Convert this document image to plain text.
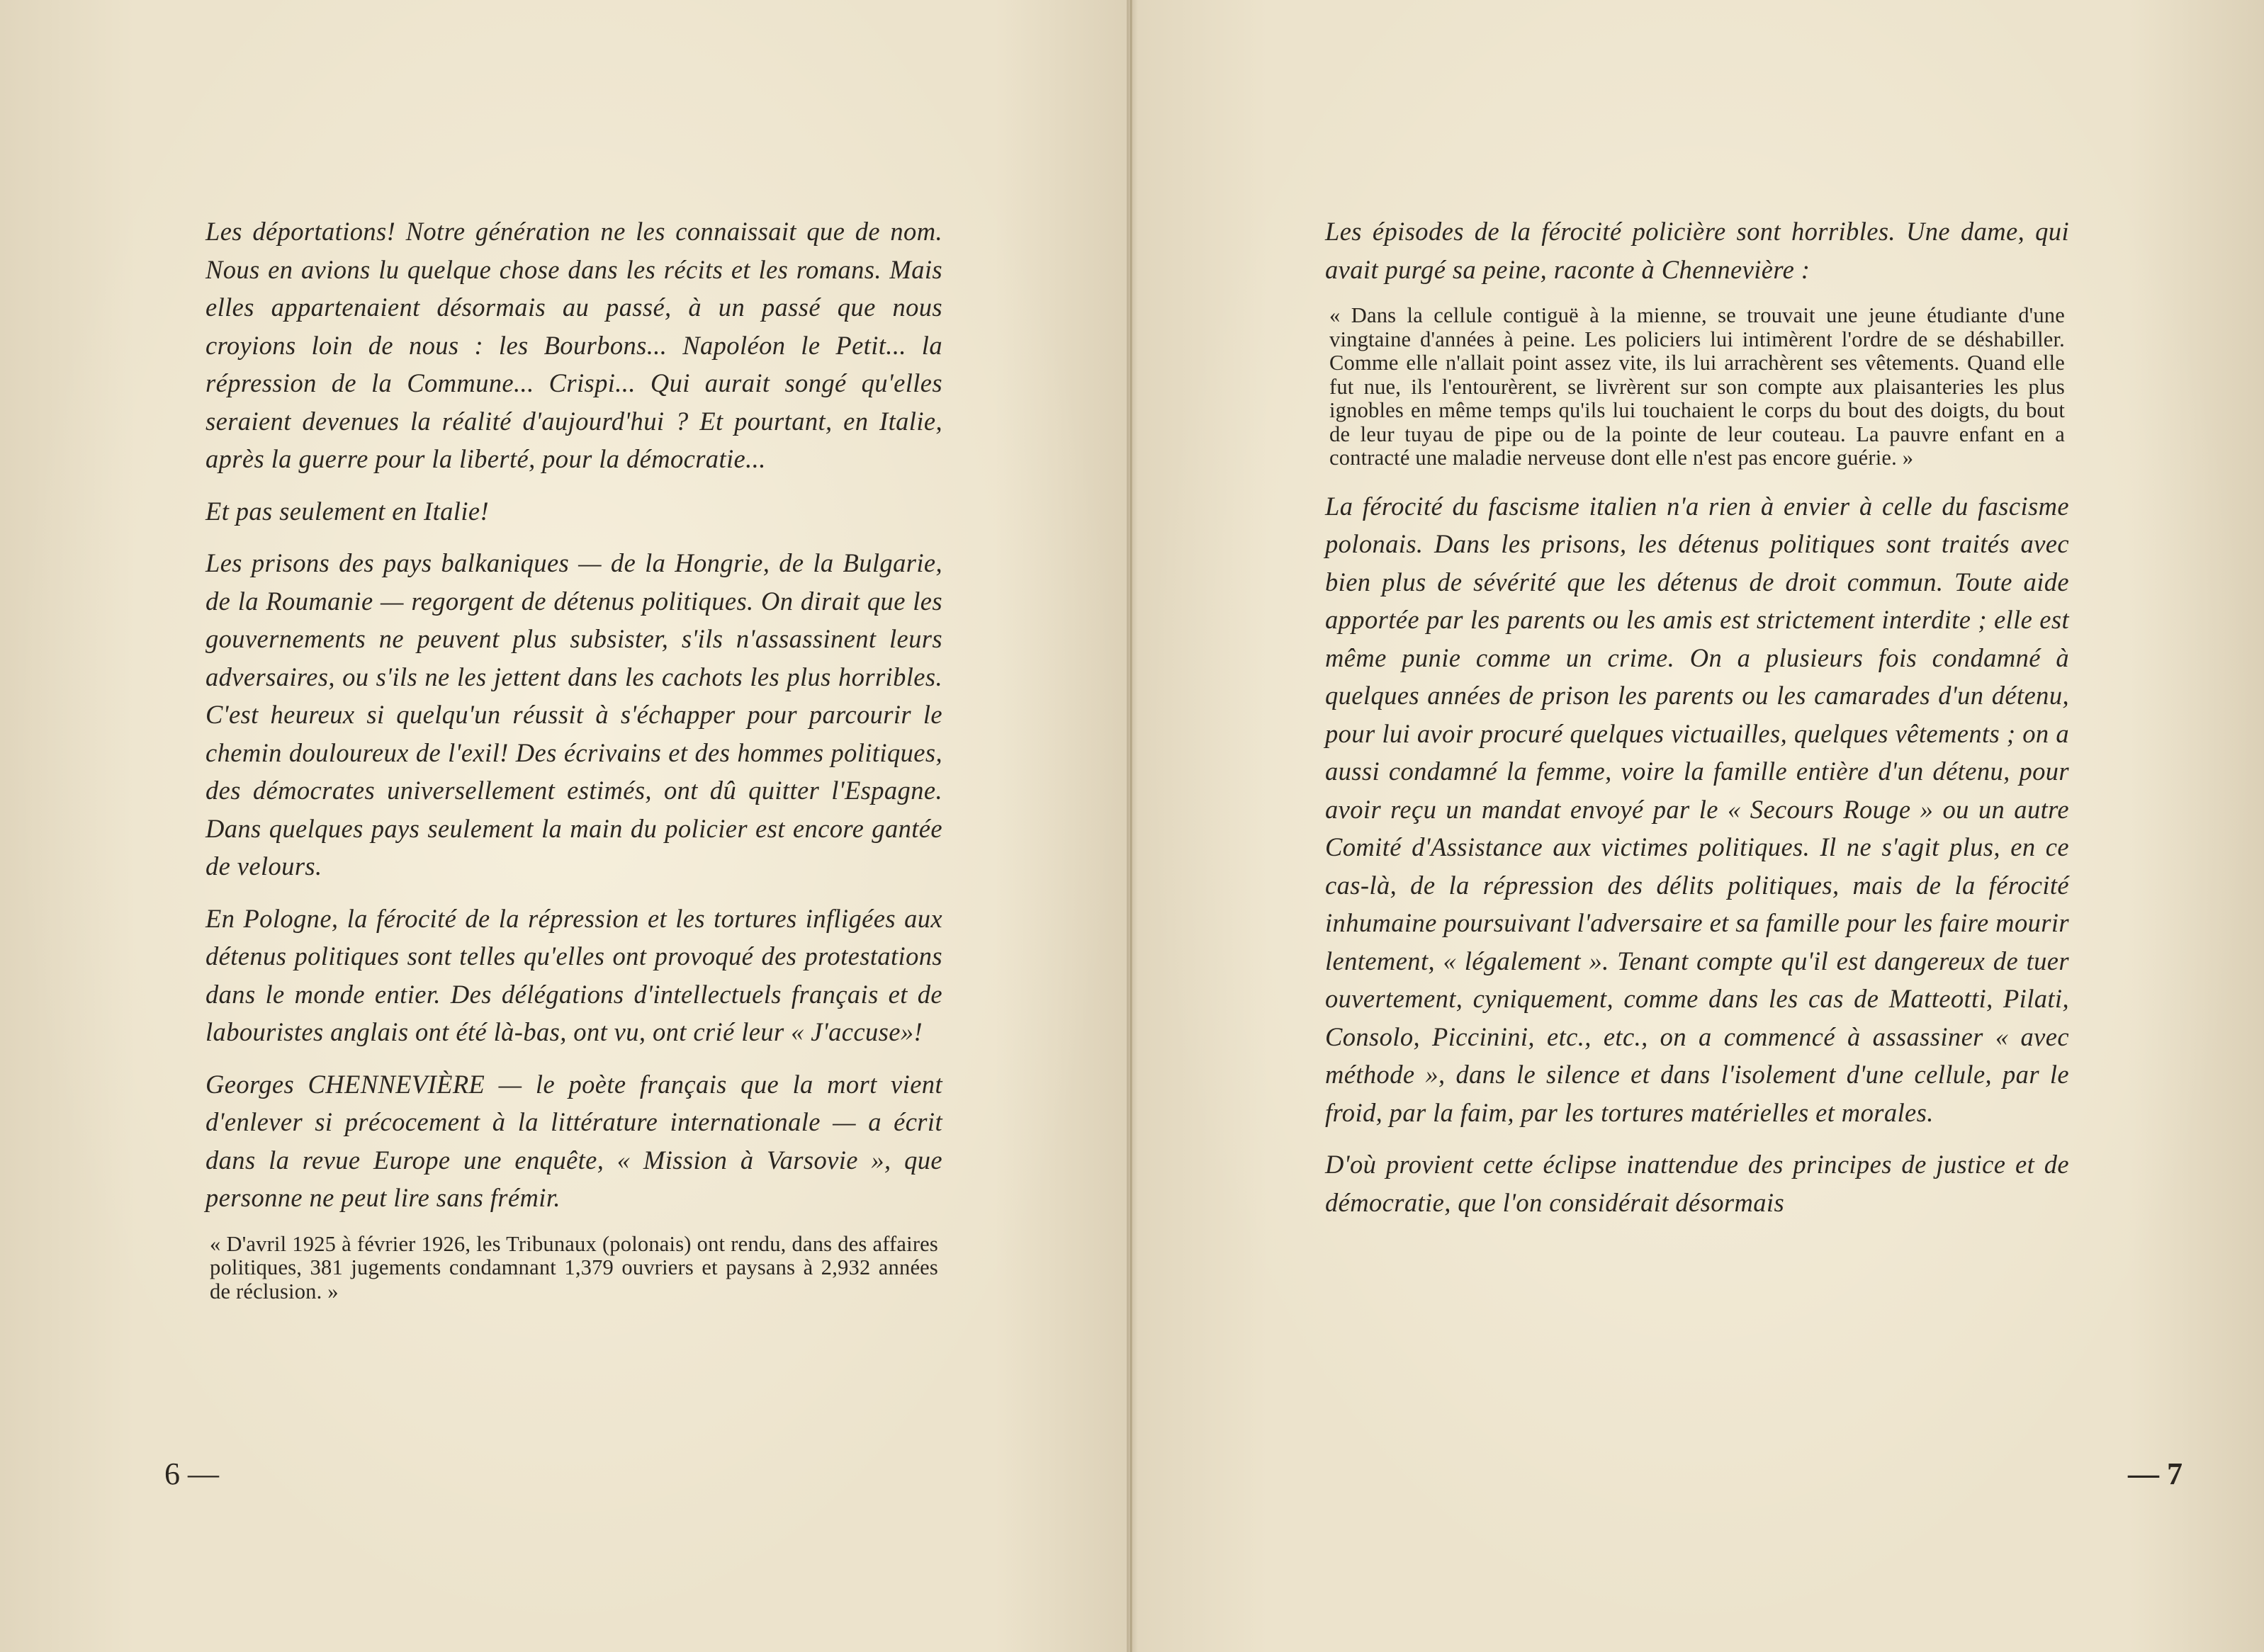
Les déportations! Notre génération ne les connaissait que de nom. Nous en avions lu quelque chose dans les récits et les romans. Mais elles appartenaient désormais au passé, à un passé que nous croyions loin de nous : les Bourbons... Napoléon le Petit... la répression de la Commune... Crispi... Qui aurait songé qu'elles seraient devenues la réalité d'aujourd'hui ? Et pourtant, en Italie, après la guerre pour la liberté, pour la démocratie...

Et pas seulement en Italie!

Les prisons des pays balkaniques — de la Hongrie, de la Bulgarie, de la Roumanie — regorgent de détenus politiques. On dirait que les gouvernements ne peuvent plus subsister, s'ils n'assassinent leurs adversaires, ou s'ils ne les jettent dans les cachots les plus horribles. C'est heureux si quelqu'un réussit à s'échapper pour parcourir le chemin douloureux de l'exil! Des écrivains et des hommes politiques, des démocrates universellement estimés, ont dû quitter l'Espagne. Dans quelques pays seulement la main du policier est encore gantée de velours.

En Pologne, la férocité de la répression et les tortures infligées aux détenus politiques sont telles qu'elles ont provoqué des protestations dans le monde entier. Des délégations d'intellectuels français et de labouristes anglais ont été là-bas, ont vu, ont crié leur « J'accuse»!

Georges CHENNEVIÈRE — le poète français que la mort vient d'enlever si précocement à la littérature internationale — a écrit dans la revue Europe une enquête, « Mission à Varsovie », que personne ne peut lire sans frémir.

« D'avril 1925 à février 1926, les Tribunaux (polonais) ont rendu, dans des affaires politiques, 381 jugements condamnant 1,379 ouvriers et paysans à 2,932 années de réclusion. »
6 —

Les épisodes de la férocité policière sont horribles. Une dame, qui avait purgé sa peine, raconte à Chennevière :

« Dans la cellule contiguë à la mienne, se trouvait une jeune étudiante d'une vingtaine d'années à peine. Les policiers lui intimèrent l'ordre de se déshabiller. Comme elle n'allait point assez vite, ils lui arrachèrent ses vêtements. Quand elle fut nue, ils l'entourèrent, se livrèrent sur son compte aux plaisanteries les plus ignobles en même temps qu'ils lui touchaient le corps du bout des doigts, du bout de leur tuyau de pipe ou de la pointe de leur couteau. La pauvre enfant en a contracté une maladie nerveuse dont elle n'est pas encore guérie. »

La férocité du fascisme italien n'a rien à envier à celle du fascisme polonais. Dans les prisons, les détenus politiques sont traités avec bien plus de sévérité que les détenus de droit commun. Toute aide apportée par les parents ou les amis est strictement interdite ; elle est même punie comme un crime. On a plusieurs fois condamné à quelques années de prison les parents ou les camarades d'un détenu, pour lui avoir procuré quelques victuailles, quelques vêtements ; on a aussi condamné la femme, voire la famille entière d'un détenu, pour avoir reçu un mandat envoyé par le « Secours Rouge » ou un autre Comité d'Assistance aux victimes politiques. Il ne s'agit plus, en ce cas-là, de la répression des délits politiques, mais de la férocité inhumaine poursuivant l'adversaire et sa famille pour les faire mourir lentement, « légalement ». Tenant compte qu'il est dangereux de tuer ouvertement, cyniquement, comme dans les cas de Matteotti, Pilati, Consolo, Piccinini, etc., etc., on a commencé à assassiner « avec méthode », dans le silence et dans l'isolement d'une cellule, par le froid, par la faim, par les tortures matérielles et morales.

D'où provient cette éclipse inattendue des principes de justice et de démocratie, que l'on considérait désormais

— 7
